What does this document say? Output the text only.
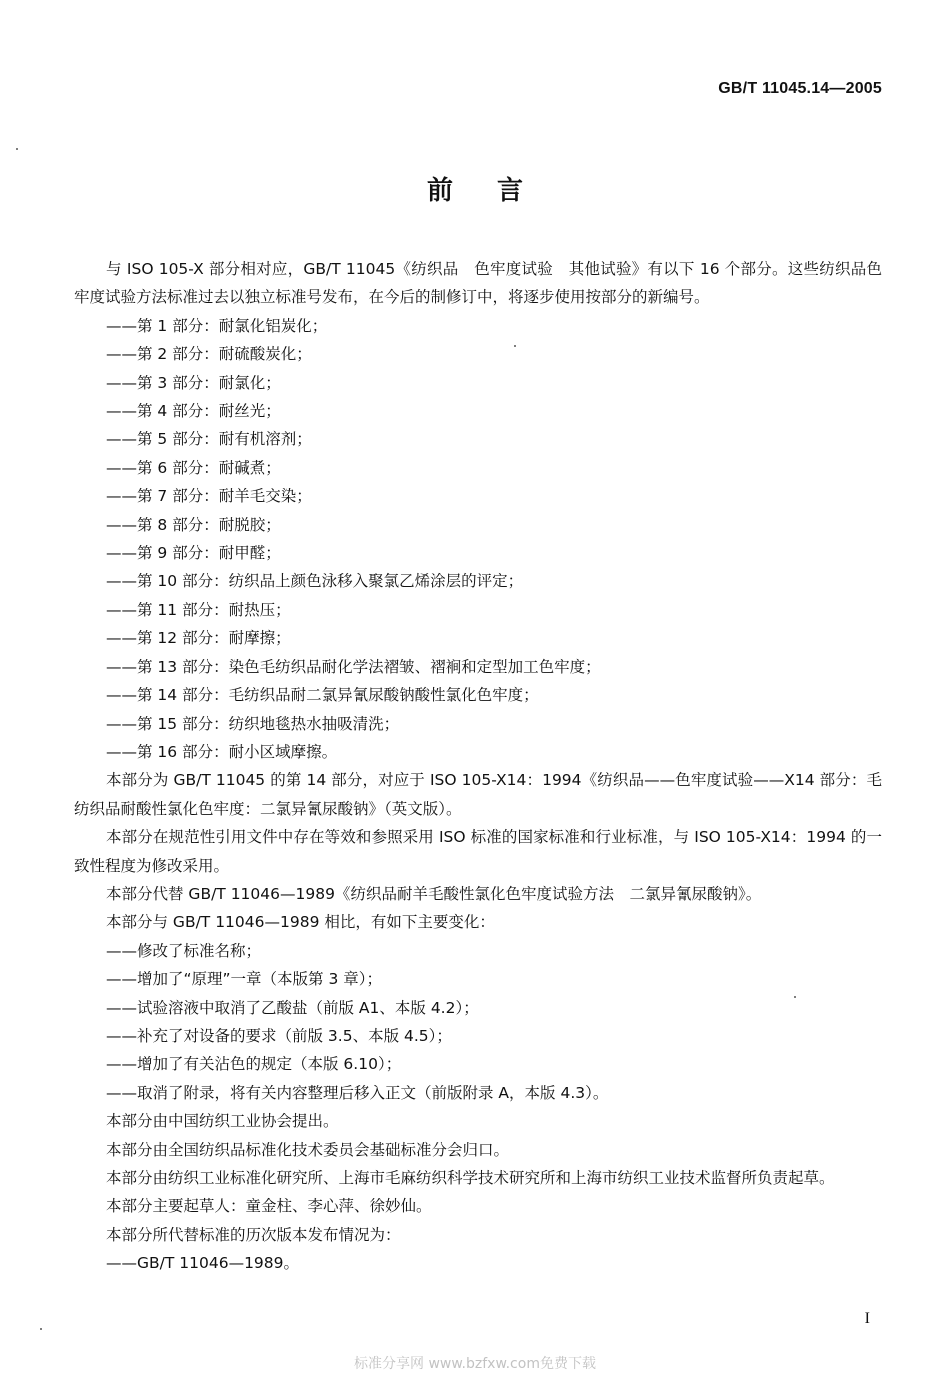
GB/T 11045.14—2005
前言

与 ISO 105-X 部分相对应，GB/T 11045《纺织品　色牢度试验　其他试验》有以下 16 个部分。这些纺织品色牢度试验方法标准过去以独立标准号发布，在今后的制修订中，将逐步使用按部分的新编号。

——第 1 部分：耐氯化铝炭化；

——第 2 部分：耐硫酸炭化；

——第 3 部分：耐氯化；

——第 4 部分：耐丝光；

——第 5 部分：耐有机溶剂；

——第 6 部分：耐碱煮；

——第 7 部分：耐羊毛交染；

——第 8 部分：耐脱胶；

——第 9 部分：耐甲醛；

——第 10 部分：纺织品上颜色泳移入聚氯乙烯涂层的评定；

——第 11 部分：耐热压；

——第 12 部分：耐摩擦；

——第 13 部分：染色毛纺织品耐化学法褶皱、褶裥和定型加工色牢度；

——第 14 部分：毛纺织品耐二氯异氰尿酸钠酸性氯化色牢度；

——第 15 部分：纺织地毯热水抽吸清洗；

——第 16 部分：耐小区域摩擦。

本部分为 GB/T 11045 的第 14 部分，对应于 ISO 105-X14：1994《纺织品——色牢度试验——X14 部分：毛纺织品耐酸性氯化色牢度：二氯异氰尿酸钠》（英文版）。

本部分在规范性引用文件中存在等效和参照采用 ISO 标准的国家标准和行业标准，与 ISO 105-X14：1994 的一致性程度为修改采用。

本部分代替 GB/T 11046—1989《纺织品耐羊毛酸性氯化色牢度试验方法　二氯异氰尿酸钠》。

本部分与 GB/T 11046—1989 相比，有如下主要变化：

——修改了标准名称；

——增加了“原理”一章（本版第 3 章）；

——试验溶液中取消了乙酸盐（前版 A1、本版 4.2）；

——补充了对设备的要求（前版 3.5、本版 4.5）；

——增加了有关沾色的规定（本版 6.10）；

——取消了附录，将有关内容整理后移入正文（前版附录 A，本版 4.3）。

本部分由中国纺织工业协会提出。

本部分由全国纺织品标准化技术委员会基础标准分会归口。

本部分由纺织工业标准化研究所、上海市毛麻纺织科学技术研究所和上海市纺织工业技术监督所负责起草。

本部分主要起草人：童金柱、李心萍、徐妙仙。

本部分所代替标准的历次版本发布情况为：

——GB/T 11046—1989。

I
标准分享网 www.bzfxw.com免费下载
